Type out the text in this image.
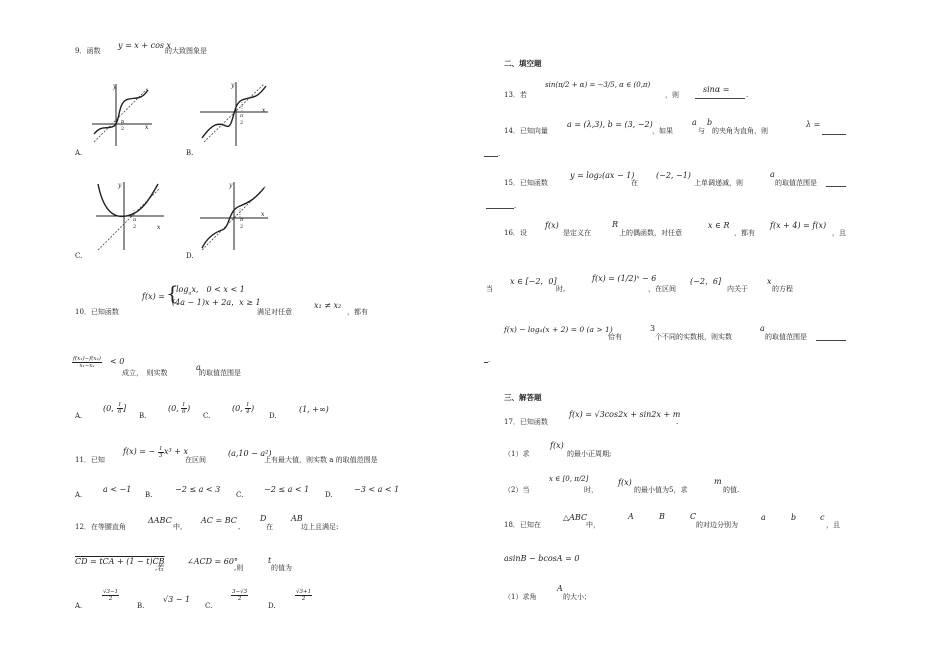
9．函数
y = x + cos x
的大致图象是
y
x
π
2
A.
y
x
π
2
B.
y
x
π
2
C.
y
x
π
2
D.
10．已知函数
f(x) = {
$\log_ax$,　0 < x < 1
(4a − 1)x + 2a，x ≥ 1
满足对任意
x₁ ≠ x₂
，都有
$\frac{\text{f(x₁)−f(x₂)}}{\text{x₁−x₂}} < 0$
成立，　则实数
a
的取值范围是
A.
(0, $\frac{1}{6}$ ]
B.
(0, $\frac{1}{6}$ )
C.
(0, $\frac{1}{4}$ )
D.
(1, +∞)
11．已知
f(x) = − $\frac{1}{3} x^3 + x$
在区间
(a,10 − a²)
上有最大值，则实数 a 的取值范围是
A.
a < −1
B.
−2 ≤ a < 3
C.
−2 ≤ a < 1
D.
−3 < a < 1
12．在等腰直角
ΔABC
中,
AC = BC
,
D
在
AB
边上且满足:
CD = tCA + (1 − t)CB
,若
∠ACD = 60°
,则
t
的值为
A.
$\frac{√3-1}{2}$
B.
√3 − 1
C.
$\frac{3-√3}{2}$
D.
$\frac{√3+1}{2}$
二、填空题
13．若
sin(π/2 + α) = −3/5, α ∈ (0,π)
，则
sinα =
.
14．已知向量
a = (λ,3), b = (3, −2)
，如果
a
与
b
的夹角为直角，则
λ =
.
15．已知函数
y = log₂(ax − 1)
在
(−2, −1)
上单调递减，则
a
的取值范围是
.
16．设
f(x)
是定义在
R
上的偶函数，对任意
x ∈ R
，都有
f(x + 4) = f(x)
，且
当
x ∈ [−2，0]
时,
f(x) = (1/2)ˣ − 6
，在区间
(−2，6]
内关于
x
的方程
f(x) − logₐ(x + 2) = 0 (a > 1)
恰有
3
个不同的实数根，则实数
a
的取值范围是
.
三、解答题
17．已知函数
f(x) = √3cos2x + sin2x + m
.
（1）求
f(x)
的最小正周期;
（2）当
x ∈ [0, π/2]
时，
f(x)
的最小值为5，求
m
的值.
18．已知在
△ABC
中，
A	B	C
的对边分别为
a	b	c
，且
asinB − bcosA = 0
（1）求角
A
的大小；
